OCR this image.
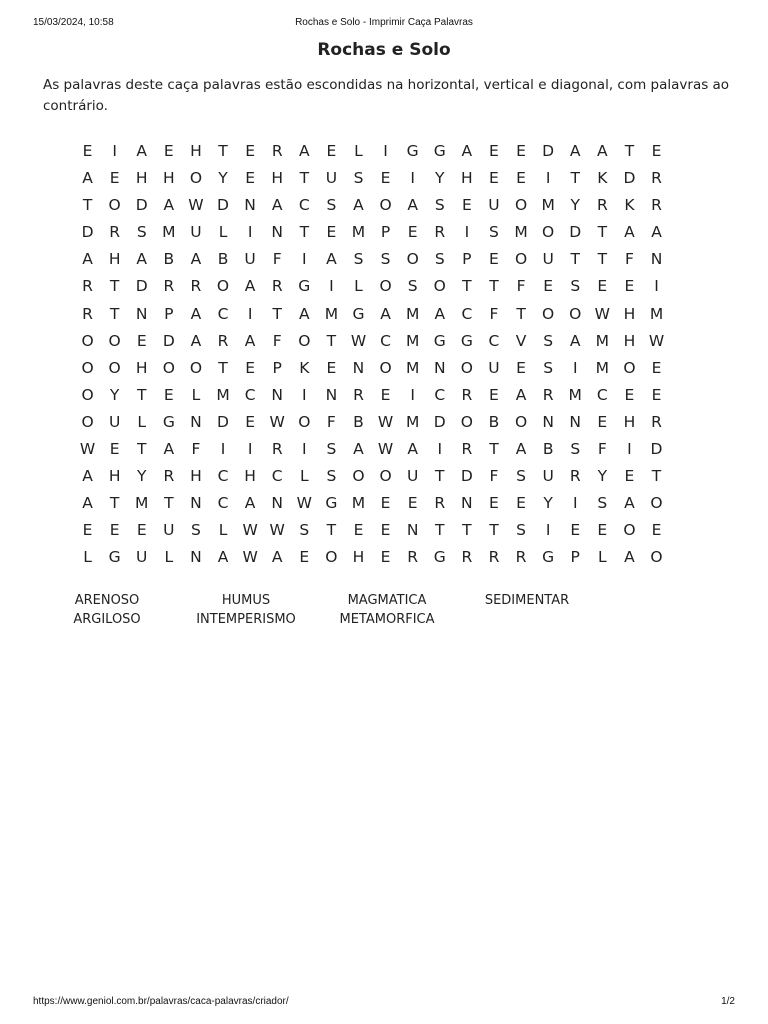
15/03/2024, 10:58	Rochas e Solo - Imprimir Caça Palavras
Rochas e Solo
As palavras deste caça palavras estão escondidas na horizontal, vertical e diagonal, com palavras ao contrário.
E	I	A	E	H	T	E	R	A	E	L	I	G G	A	E	E	D	A	A	T	E
A	E	H H O	Y	E	H	T	U	S	E	I	Y	H	E	E	I	T	K	D	R
T	O D	A W D N	A	C	S	A	O	A	S	E	U O M	Y	R	K	R
D	R	S M U	L	I	N	T	E	M	P	E	R	I	S M O D	T	A	A
A	H	A	B	A	B	U	F	I	A	S	S	O	S	P	E	O U	T	T	F	N
R	T	D	R	R	O	A	R	G	I	L	O	S	O	T	T	F	E	S	E	E	I
R	T	N	P	A	C	I	T	A M G	A M A	C	F	T	O O W H M
O O	E	D	A	R	A	F	O	T W C M G G	C	V	S	A M H W
O O H O O	T	E	P	K	E	N O M N O U	E	S	I	M O	E
O	Y	T	E	L	M C	N	I	N	R	E	I	C	R	E	A	R M C	E	E
O U	L	G N D	E W O	F	B W M D O	B	O N N	E	H	R
W E	T	A	F	I	I	R	I	S	A W A	I	R	T	A	B	S	F	I	D
A	H	Y	R	H	C	H	C	L	S	O O U	T	D	F	S	U	R	Y	E	T
A	T	M	T	N	C	A	N W G M	E	E	R	N	E	E	Y	I	S	A	O
E	E	E	U	S	L W W S	T	E	E	N	T	T	T	S	I	E	E	O	E
L	G U	L	N	A W A	E	O H	E	R	G	R	R	R	G	P	L	A	O
ARENOSO	HUMUS	MAGMATICA	SEDIMENTAR
ARGILOSO	INTEMPERISMO	METAMORFICA
https://www.geniol.com.br/palavras/caca-palavras/criador/	1/2
